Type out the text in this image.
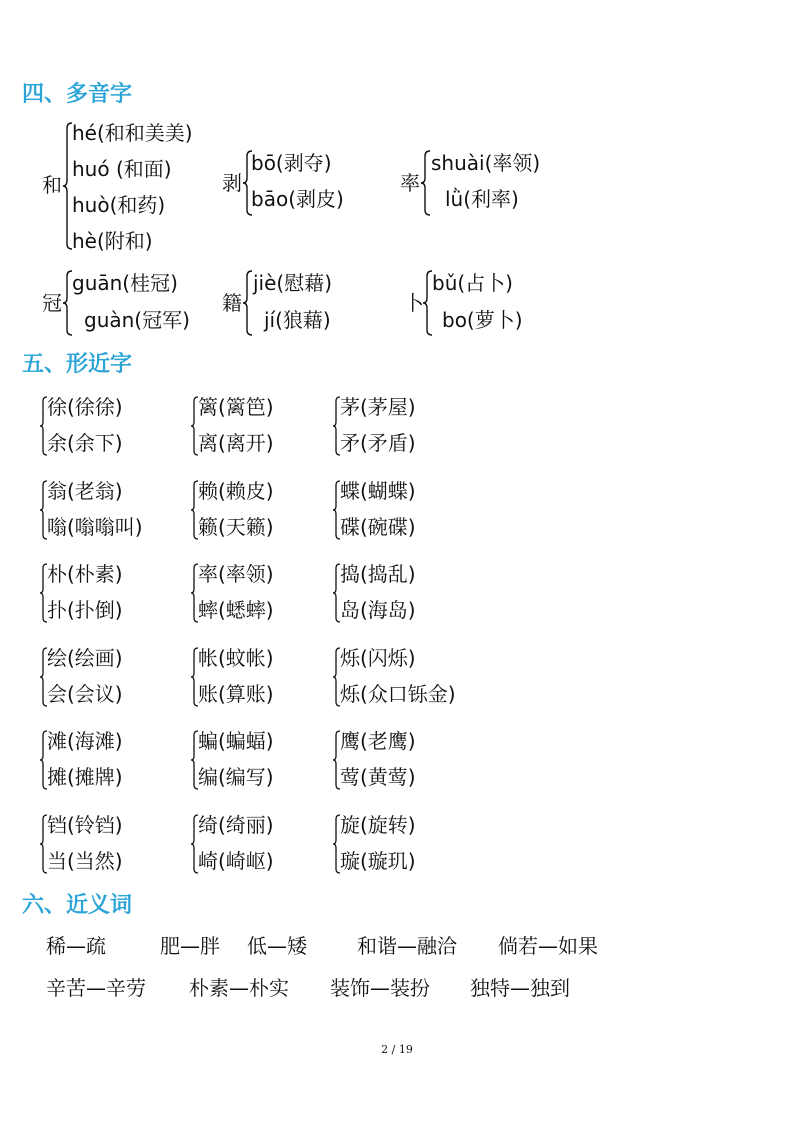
四、多音字
和
hé(和和美美)
huó (和面)
huò(和药)
hè(附和)
剥
bō(剥夺)
bāo(剥皮)
率
shuài(率领)
lǜ(利率)
冠
guān(桂冠)
guàn(冠军)
籍
jiè(慰藉)
jí(狼藉)
卜
bǔ(占卜)
bo(萝卜)
五、形近字
徐(徐徐)
余(余下)
篱(篱笆)
离(离开)
茅(茅屋)
矛(矛盾)
翁(老翁)
嗡(嗡嗡叫)
赖(赖皮)
籁(天籁)
蝶(蝴蝶)
碟(碗碟)
朴(朴素)
扑(扑倒)
率(率领)
蟀(蟋蟀)
捣(捣乱)
岛(海岛)
绘(绘画)
会(会议)
帐(蚊帐)
账(算账)
烁(闪烁)
烁(众口铄金)
滩(海滩)
摊(摊牌)
蝙(蝙蝠)
编(编写)
鹰(老鹰)
莺(黄莺)
铛(铃铛)
当(当然)
绮(绮丽)
崎(崎岖)
旋(旋转)
璇(璇玑)
六、近义词
稀—疏	肥—胖 低—矮	和谐—融洽 倘若—如果
辛苦—辛劳 朴素—朴实 装饰—装扮 独特—独到
2 / 19
